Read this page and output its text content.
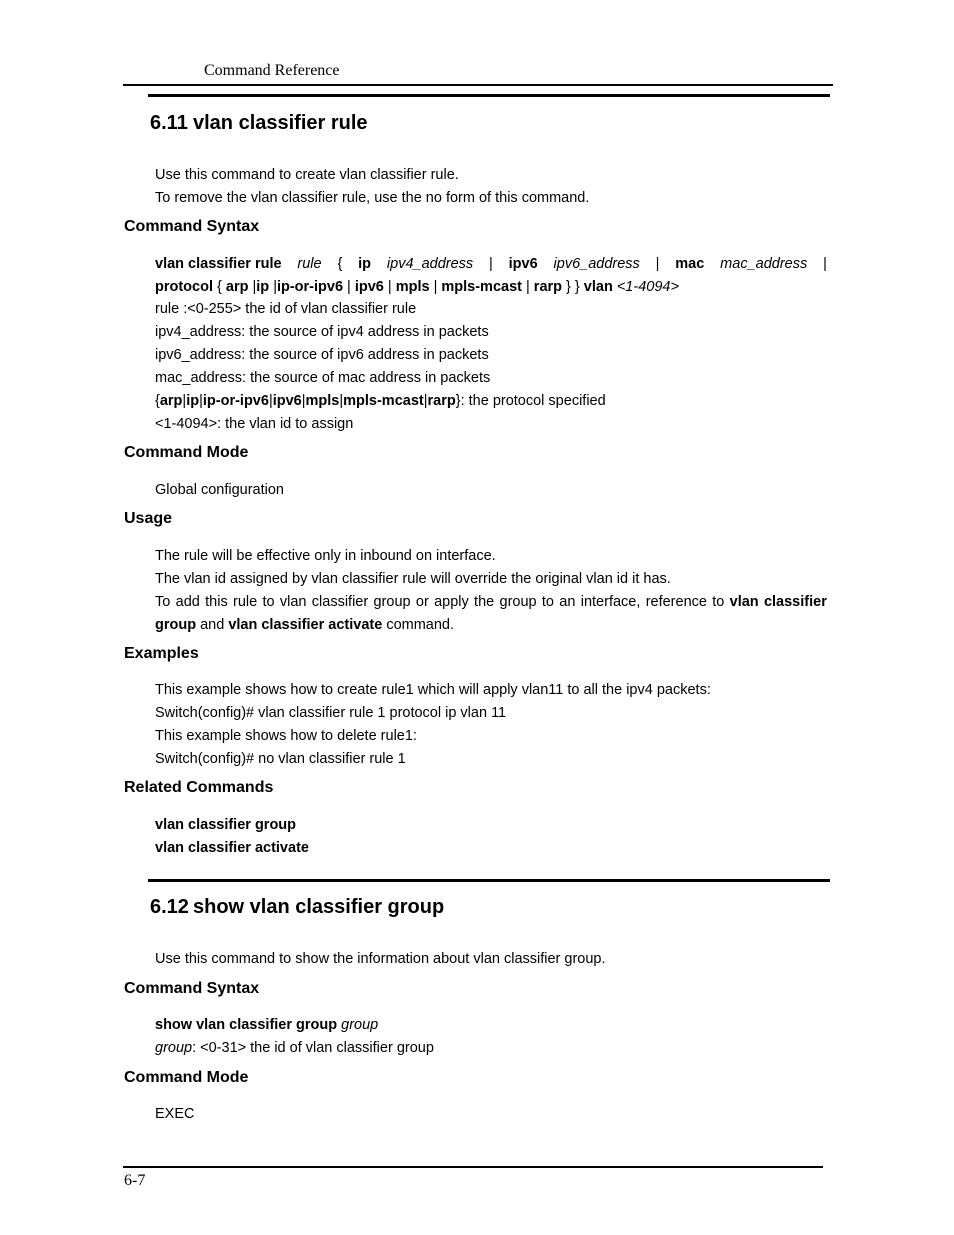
Command Reference
6.11 vlan classifier rule

Use this command to create vlan classifier rule.

To remove the vlan classifier rule, use the no form of this command.

Command Syntax
vlan classifier rule rule { ip ipv4_address | ipv6 ipv6_address | mac mac_address |

protocol { arp |ip |ip-or-ipv6 | ipv6 | mpls | mpls-mcast | rarp } } vlan <1-4094>

rule :<0-255> the id of vlan classifier rule

ipv4_address: the source of ipv4 address in packets

ipv6_address: the source of ipv6 address in packets

mac_address: the source of mac address in packets

{arp|ip|ip-or-ipv6|ipv6|mpls|mpls-mcast|rarp}: the protocol specified

<1-4094>: the vlan id to assign

Command Mode

Global configuration

Usage

The rule will be effective only in inbound on interface.

The vlan id assigned by vlan classifier rule will override the original vlan id it has.

To add this rule to vlan classifier group or apply the group to an interface, reference to vlan classifier

group and vlan classifier activate command.

Examples

This example shows how to create rule1 which will apply vlan11 to all the ipv4 packets:

Switch(config)# vlan classifier rule 1 protocol ip vlan 11

This example shows how to delete rule1:

Switch(config)# no vlan classifier rule 1

Related Commands

vlan classifier group

vlan classifier activate

6.12 show vlan classifier group

Use this command to show the information about vlan classifier group.

Command Syntax

show vlan classifier group group

group: <0-31> the id of vlan classifier group

Command Mode

EXEC

6-7
